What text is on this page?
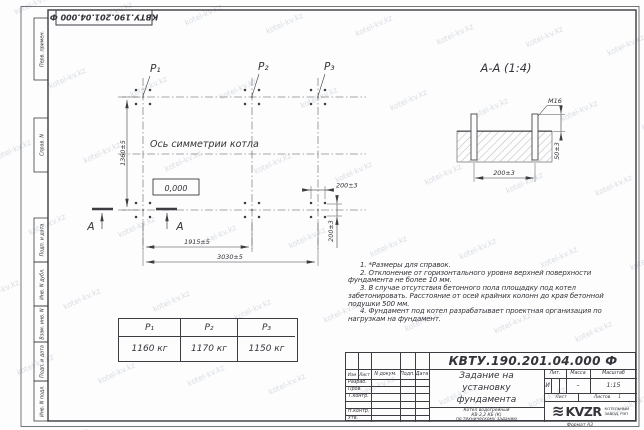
КВТУ.190.201.04.000 Ф
Перв. примен.
Справ. N
Подп. и дата
Инв. N дубл.
Взам. инв. N
Подп. и дата
Инв. N подл.
P₁	P₂	P₃
Ось симметрии котла
0,000
1360±5
1915±5
3030±5
200±3
200±3
А	А
А-А (1:4)
M16
200±3
50±3

1. *Размеры для справок.

2. Отклонение от горизонтального уровня верхней поверхности фундамента не более 10 мм.

3. В случае отсутствия бетонного пола площадку под котел забетонировать. Расстояние от осей крайних колонн до края бетонной подушки 500 мм.

4. Фундамент под котел разрабатывает проектная организация по нагрузкам на фундамент.

P₁	P₂	P₃
1160 кг	1170 кг	1150 кг
Изм Лист N докум. Подп. Дата
Разраб.
Пров.
Т.контр.
Н.контр.
Утв.
КВТУ.190.201.04.000 Ф
Задание на
установку
фундамента
Котел водогрейный
КВ-2,2 КБ (К)
по техническому заданию
Лит.	Масса	Масштаб
И	–	1:15
Лист	Листов 1
≋ KVZR КОТЕЛЬНЫЙ
ЗАВОД, РЭП
Формат А3
